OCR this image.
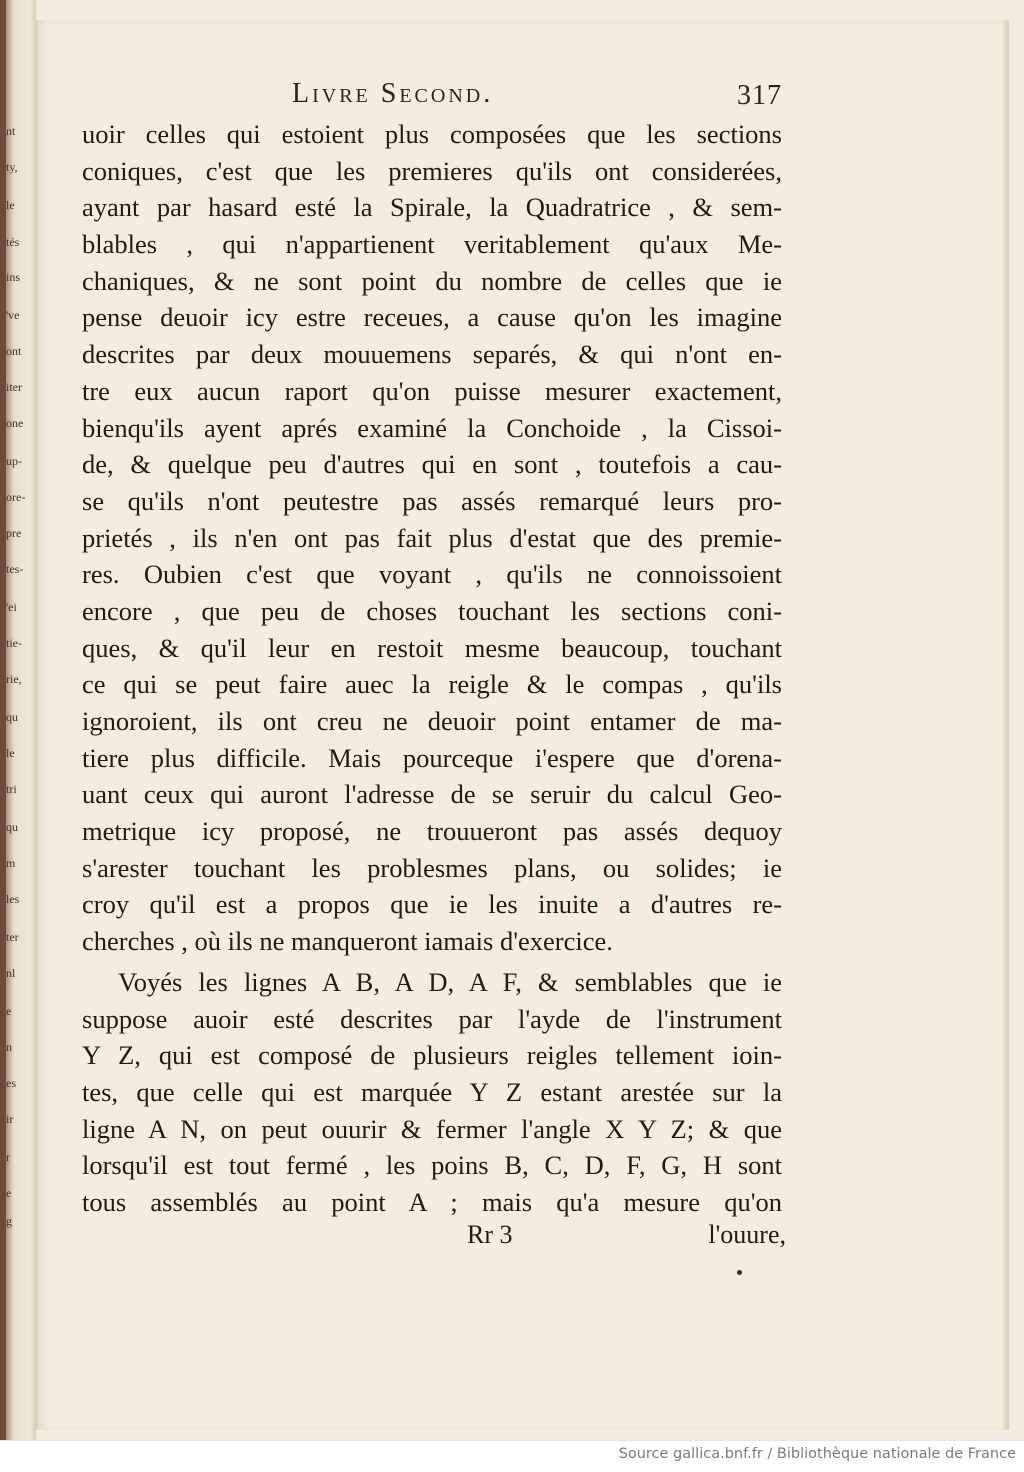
nt
ty,
le
tés
ins
've
ont
iter
one
up-
ore-
pre
tes-
'ei
tie-
rie,
qu
le
tri
qu
m
les
ter
nl
e
n
es
ir
r
e
g
Livre Second.	317
uoir celles qui estoient plus composées que les sections
coniques, c'est que les premieres qu'ils ont considerées,
ayant par hasard esté la Spirale, la Quadratrice , & sem-
blables , qui n'appartienent veritablement qu'aux Me-
chaniques, & ne sont point du nombre de celles que ie
pense deuoir icy estre receues, a cause qu'on les imagine
descrites par deux mouuemens separés, & qui n'ont en-
tre eux aucun raport qu'on puisse mesurer exactement,
bienqu'ils ayent aprés examiné la Conchoide , la Cissoi-
de, & quelque peu d'autres qui en sont , toutefois a cau-
se qu'ils n'ont peutestre pas assés remarqué leurs pro-
prietés , ils n'en ont pas fait plus d'estat que des premie-
res. Oubien c'est que voyant , qu'ils ne connoissoient
encore , que peu de choses touchant les sections coni-
ques, & qu'il leur en restoit mesme beaucoup, touchant
ce qui se peut faire auec la reigle & le compas , qu'ils
ignoroient, ils ont creu ne deuoir point entamer de ma-
tiere plus difficile. Mais pourceque i'espere que d'orena-
uant ceux qui auront l'adresse de se seruir du calcul Geo-
metrique icy proposé, ne trouueront pas assés dequoy
s'arester touchant les problesmes plans, ou solides; ie
croy qu'il est a propos que ie les inuite a d'autres re-
cherches , où ils ne manqueront iamais d'exercice.
Voyés les lignes A B, A D, A F, & semblables que ie
suppose auoir esté descrites par l'ayde de l'instrument
Y Z, qui est composé de plusieurs reigles tellement ioin-
tes, que celle qui est marquée Y Z estant arestée sur la
ligne A N, on peut ouurir & fermer l'angle X Y Z; & que
lorsqu'il est tout fermé , les poins B, C, D, F, G, H sont
tous assemblés au point A ; mais qu'a mesure qu'on
Rr 3	l'ouure,
Source gallica.bnf.fr / Bibliothèque nationale de France
